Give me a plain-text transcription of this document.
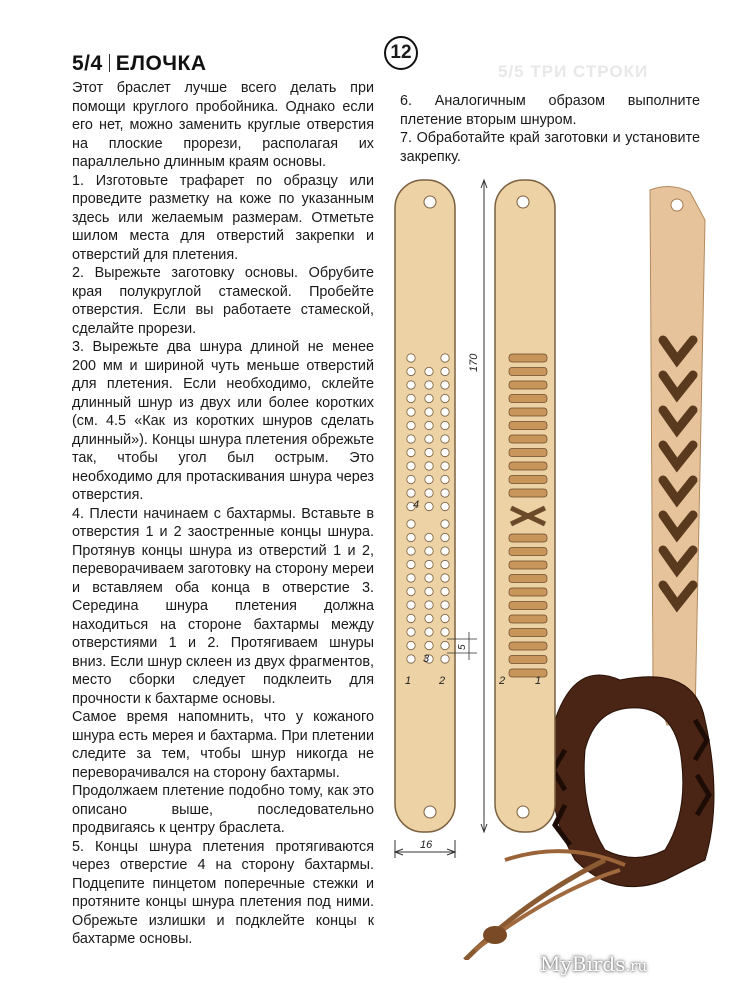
5/5 ТРИ СТРОКИ
5/4 ЕЛОЧКА	12

Этот браслет лучше всего делать при помощи круглого пробойника. Однако если его нет, можно заменить круглые отверстия на плоские прорези, располагая их параллельно длинным краям основы.

1. Изготовьте трафарет по образцу или проведите разметку на коже по указанным здесь или желаемым размерам. Отметьте шилом места для отверстий закрепки и отверстий для плетения.

2. Вырежьте заготовку основы. Обрубите края полукруглой стамеской. Пробейте отверстия. Если вы работаете стамеской, сделайте прорези.

3. Вырежьте два шнура длиной не менее 200 мм и шириной чуть меньше отверстий для плетения. Если необходимо, склейте длинный шнур из двух или более коротких (см. 4.5 «Как из коротких шнуров сделать длинный»). Концы шнура плетения обрежьте так, чтобы угол был острым. Это необходимо для протаскивания шнура через отверстия.

4. Плести начинаем с бахтармы. Вставьте в отверстия 1 и 2 заостренные концы шнура. Протянув концы шнура из отверстий 1 и 2, переворачиваем заготовку на сторону мереи и вставляем оба конца в отверстие 3. Середина шнура плетения должна находиться на стороне бахтармы между отверстиями 1 и 2. Протягиваем шнуры вниз. Если шнур склеен из двух фрагментов, место сборки следует подклеить для прочности к бахтарме основы.

Самое время напомнить, что у кожаного шнура есть мерея и бахтарма. При плетении следите за тем, чтобы шнур никогда не переворачивался на сторону бахтармы.

Продолжаем плетение подобно тому, как это описано выше, последовательно продвигаясь к центру браслета.

5. Концы шнура плетения протягиваются через отверстие 4 на сторону бахтармы. Подцепите пинцетом поперечные стежки и протяните концы шнура плетения под ними. Обрежьте излишки и подклейте концы к бахтарме основы.

6. Аналогичным образом выполните плетение вторым шнуром.

7. Обработайте край заготовки и установите закрепку.

170
16
5
4
3
1	2	2	1
MyBirds.ru
